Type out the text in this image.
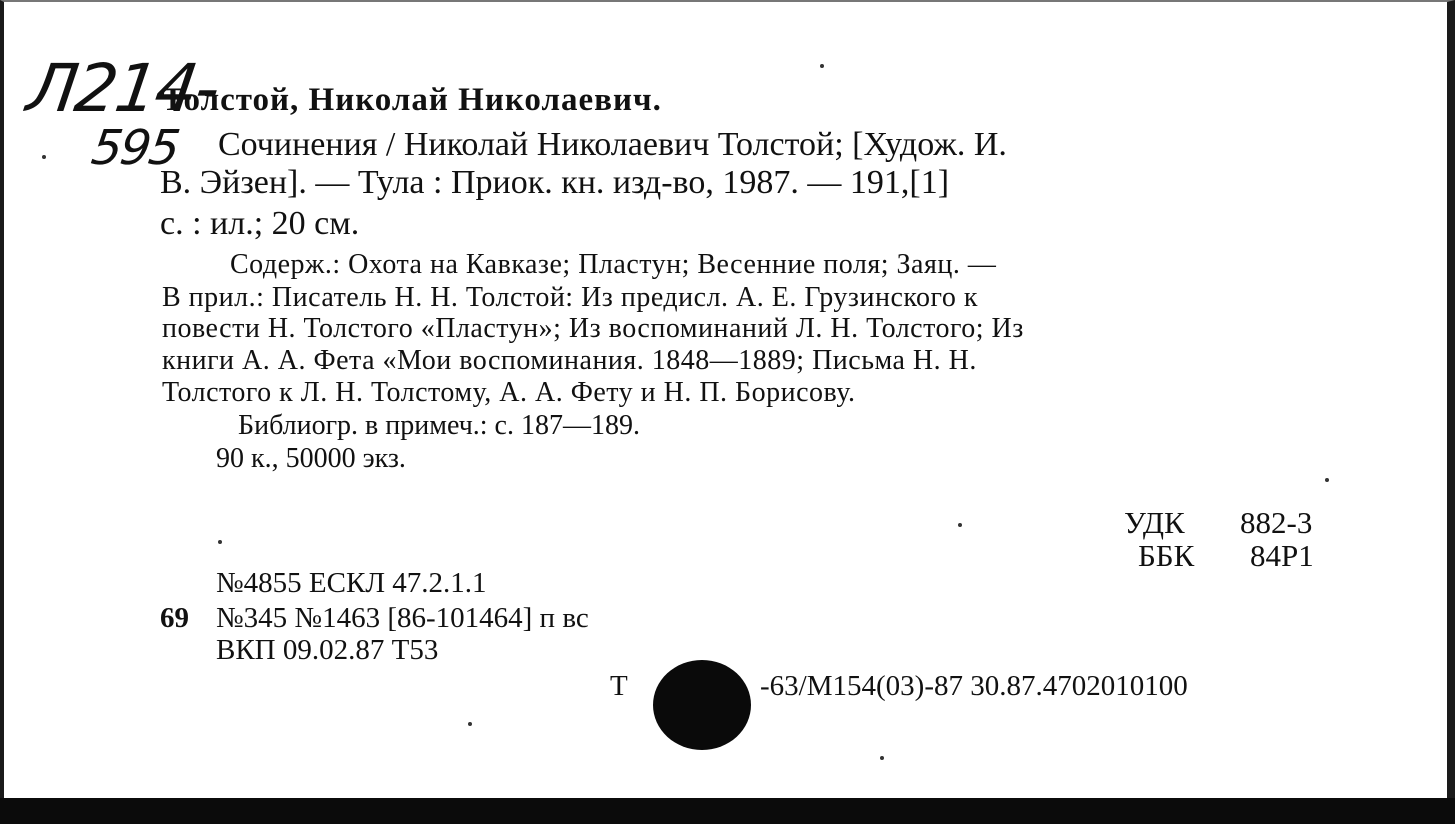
Л214-
595
Толстой, Николай Николаевич.
Сочинения / Николай Николаевич Толстой; [Худож. И.
В. Эйзен]. — Тула : Приок. кн. изд-во, 1987. — 191,[1]
с. : ил.; 20 см.
Содерж.: Охота на Кавказе; Пластун; Весенние поля; Заяц. —
В прил.: Писатель Н. Н. Толстой: Из предисл. А. Е. Грузинского к
повести Н. Толстого «Пластун»; Из воспоминаний Л. Н. Толстого; Из
книги А. А. Фета «Мои воспоминания. 1848—1889; Письма Н. Н.
Толстого к Л. Н. Толстому, А. А. Фету и Н. П. Борисову.
Библиогр. в примеч.: с. 187—189.
90 к., 50000 экз.
УДК 882-3
ББК 84Р1
№4855 ЕСКЛ 47.2.1.1
69 №345 №1463 [86-101464] п вс
ВКП 09.02.87 Т53
Т	-63/М154(03)-87 30.87.4702010100
